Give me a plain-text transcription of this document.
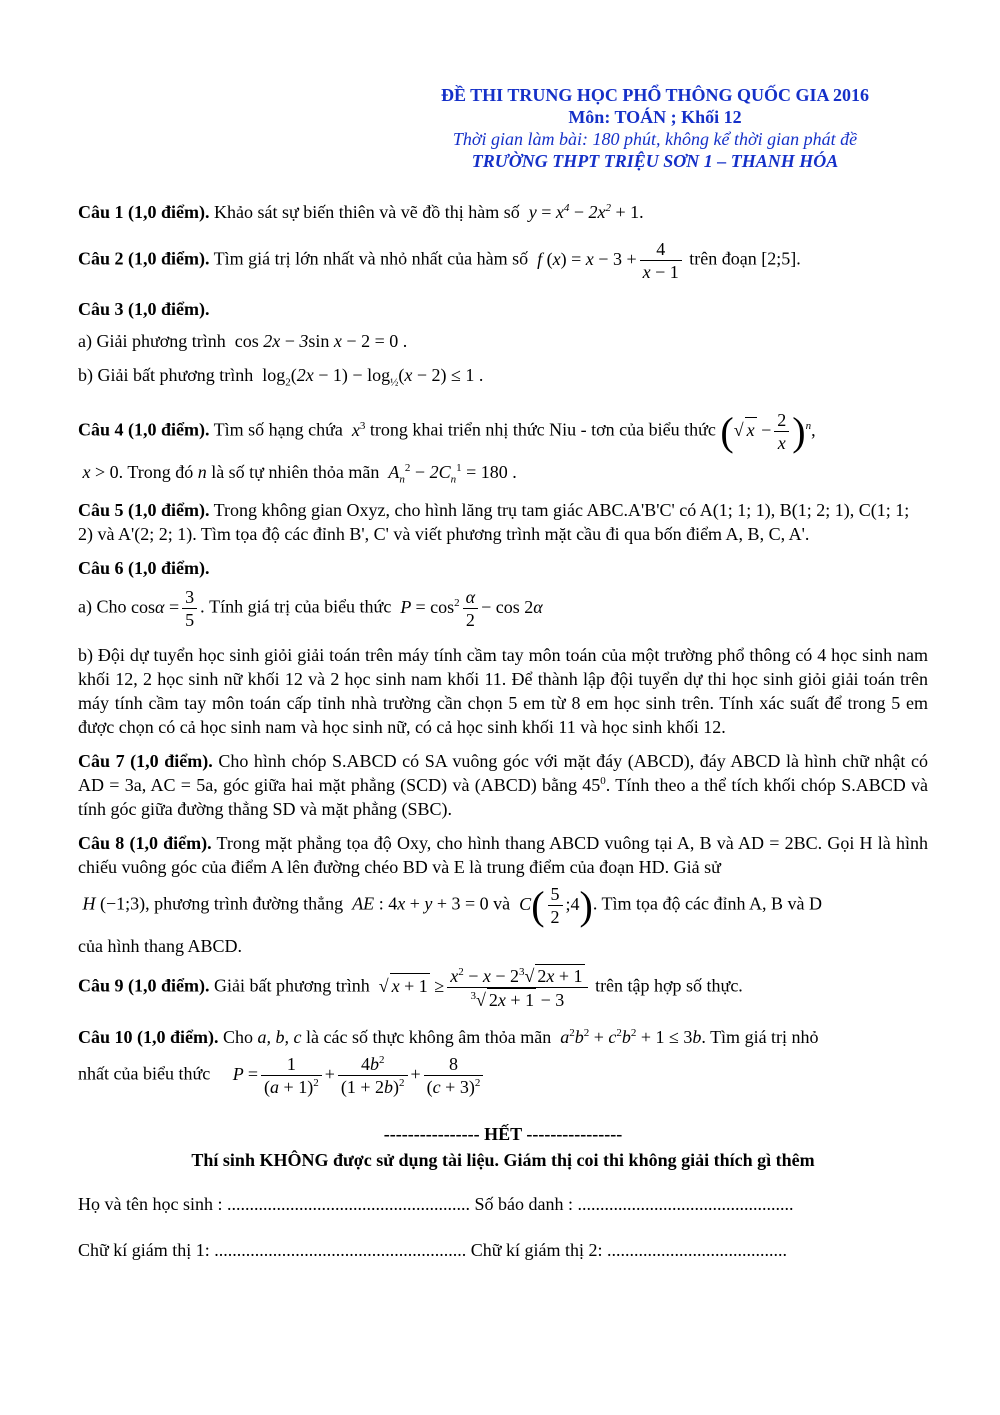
ĐỀ THI TRUNG HỌC PHỔ THÔNG QUỐC GIA 2016
Môn: TOÁN ; Khối 12
Thời gian làm bài: 180 phút, không kể thời gian phát đề
TRƯỜNG THPT TRIỆU SƠN 1 – THANH HÓA

Câu 1 (1,0 điểm). Khảo sát sự biến thiên và vẽ đồ thị hàm số $y = x^4 - 2x^2 + 1$.

Câu 2 (1,0 điểm). Tìm giá trị lớn nhất và nhỏ nhất của hàm số f $(x) = x - 3 + \frac{4}{x - 1}$ trên đoạn [2;5].

Câu 3 (1,0 điểm).

a) Giải phương trình cos 2x − 3sin x − 2 = 0 .

b) Giải bất phương trình $\log_2(2x - 1) - \log_{\frac{1}{2}}(x - 2) \le 1$ .

Câu 4 (1,0 điểm). Tìm số hạng chứa $x^3$ trong khai triển nhị thức Niu - tơn của biểu thức (√ $x - \frac{2}{x} )^n$,

x > 0. Trong đó n là số tự nhiên thỏa mãn $A_n^2 - 2C_n^1 = 180$ .

Câu 5 (1,0 điểm). Trong không gian Oxyz, cho hình lăng trụ tam giác ABC.A'B'C' có A(1; 1; 1), B(1; 2; 1), C(1; 1; 2) và A'(2; 2; 1). Tìm tọa độ các đỉnh B', C' và viết phương trình mặt cầu đi qua bốn điểm A, B, C, A'.

Câu 6 (1,0 điểm).

a) Cho $\cos\alpha = \frac{3}{5}$ . Tính giá trị của biểu thức $P = \cos^2 \frac{\alpha}{2} - \cos 2\alpha$

b) Đội dự tuyển học sinh giỏi giải toán trên máy tính cầm tay môn toán của một trường phổ thông có 4 học sinh nam khối 12, 2 học sinh nữ khối 12 và 2 học sinh nam khối 11. Để thành lập đội tuyển dự thi học sinh giỏi giải toán trên máy tính cầm tay môn toán cấp tỉnh nhà trường cần chọn 5 em từ 8 em học sinh trên. Tính xác suất để trong 5 em được chọn có cả học sinh nam và học sinh nữ, có cả học sinh khối 11 và học sinh khối 12.

Câu 7 (1,0 điểm). Cho hình chóp S.ABCD có SA vuông góc với mặt đáy (ABCD), đáy ABCD là hình chữ nhật có AD = 3a, AC = 5a, góc giữa hai mặt phẳng (SCD) và (ABCD) bằng $45^0$. Tính theo a thể tích khối chóp S.ABCD và tính góc giữa đường thẳng SD và mặt phẳng (SBC).

Câu 8 (1,0 điểm). Trong mặt phẳng tọa độ Oxy, cho hình thang ABCD vuông tại A, B và AD = 2BC. Gọi H là hình chiếu vuông góc của điểm A lên đường chéo BD và E là trung điểm của đoạn HD. Giả sử

H (−1;3), phương trình đường thẳng AE : 4x + y + 3 = 0 và $C( \frac{5}{2}$ ;4). Tìm tọa độ các đỉnh A, B và D

của hình thang ABCD.

Câu 9 (1,0 điểm). Giải bất phương trình √ $x + 1 \ge \frac{x^2 - x - 2^3√ 2x + 1}{^3√ 2x + 1 - 3}$ trên tập hợp số thực.

Câu 10 (1,0 điểm). Cho a, b, c là các số thực không âm thỏa mãn $a^2b^2 + c^2b^2 + 1 \le 3b$. Tìm giá trị nhỏ

nhất của biểu thức $P = \frac{1}{(a + 1)^2} + \frac{4b^2}{(1 + 2b)^2} + \frac{8}{(c + 3)^2}$

---------------- HẾT ----------------

Thí sinh KHÔNG được sử dụng tài liệu. Giám thị coi thi không giải thích gì thêm

Họ và tên học sinh : ...................................................... Số báo danh : ................................................

Chữ kí giám thị 1: ........................................................ Chữ kí giám thị 2: ........................................
